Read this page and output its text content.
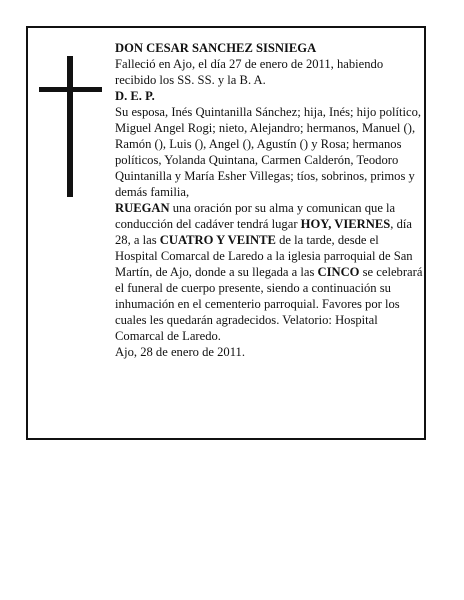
DON CESAR SANCHEZ SISNIEGA

Falleció en Ajo, el día 27 de enero de 2011, habiendo recibido los SS. SS. y la B. A.

D. E. P.

Su esposa, Inés Quintanilla Sánchez; hija, Inés; hijo político, Miguel Angel Rogi; nieto, Alejandro; hermanos, Manuel (), Ramón (), Luis (), Angel (), Agustín () y Rosa; hermanos políticos, Yolanda Quintana, Carmen Calderón, Teodoro Quintanilla y María Esher Villegas; tíos, sobrinos, primos y demás familia,

RUEGAN una oración por su alma y comunican que la conducción del cadáver tendrá lugar HOY, VIERNES, día 28, a las CUATRO Y VEINTE de la tarde, desde el Hospital Comarcal de Laredo a la iglesia parroquial de San Martín, de Ajo, donde a su llegada a las CINCO se celebrará el funeral de cuerpo presente, siendo a continuación su inhumación en el cementerio parroquial. Favores por los cuales les quedarán agradecidos. Velatorio: Hospital Comarcal de Laredo.

Ajo, 28 de enero de 2011.
